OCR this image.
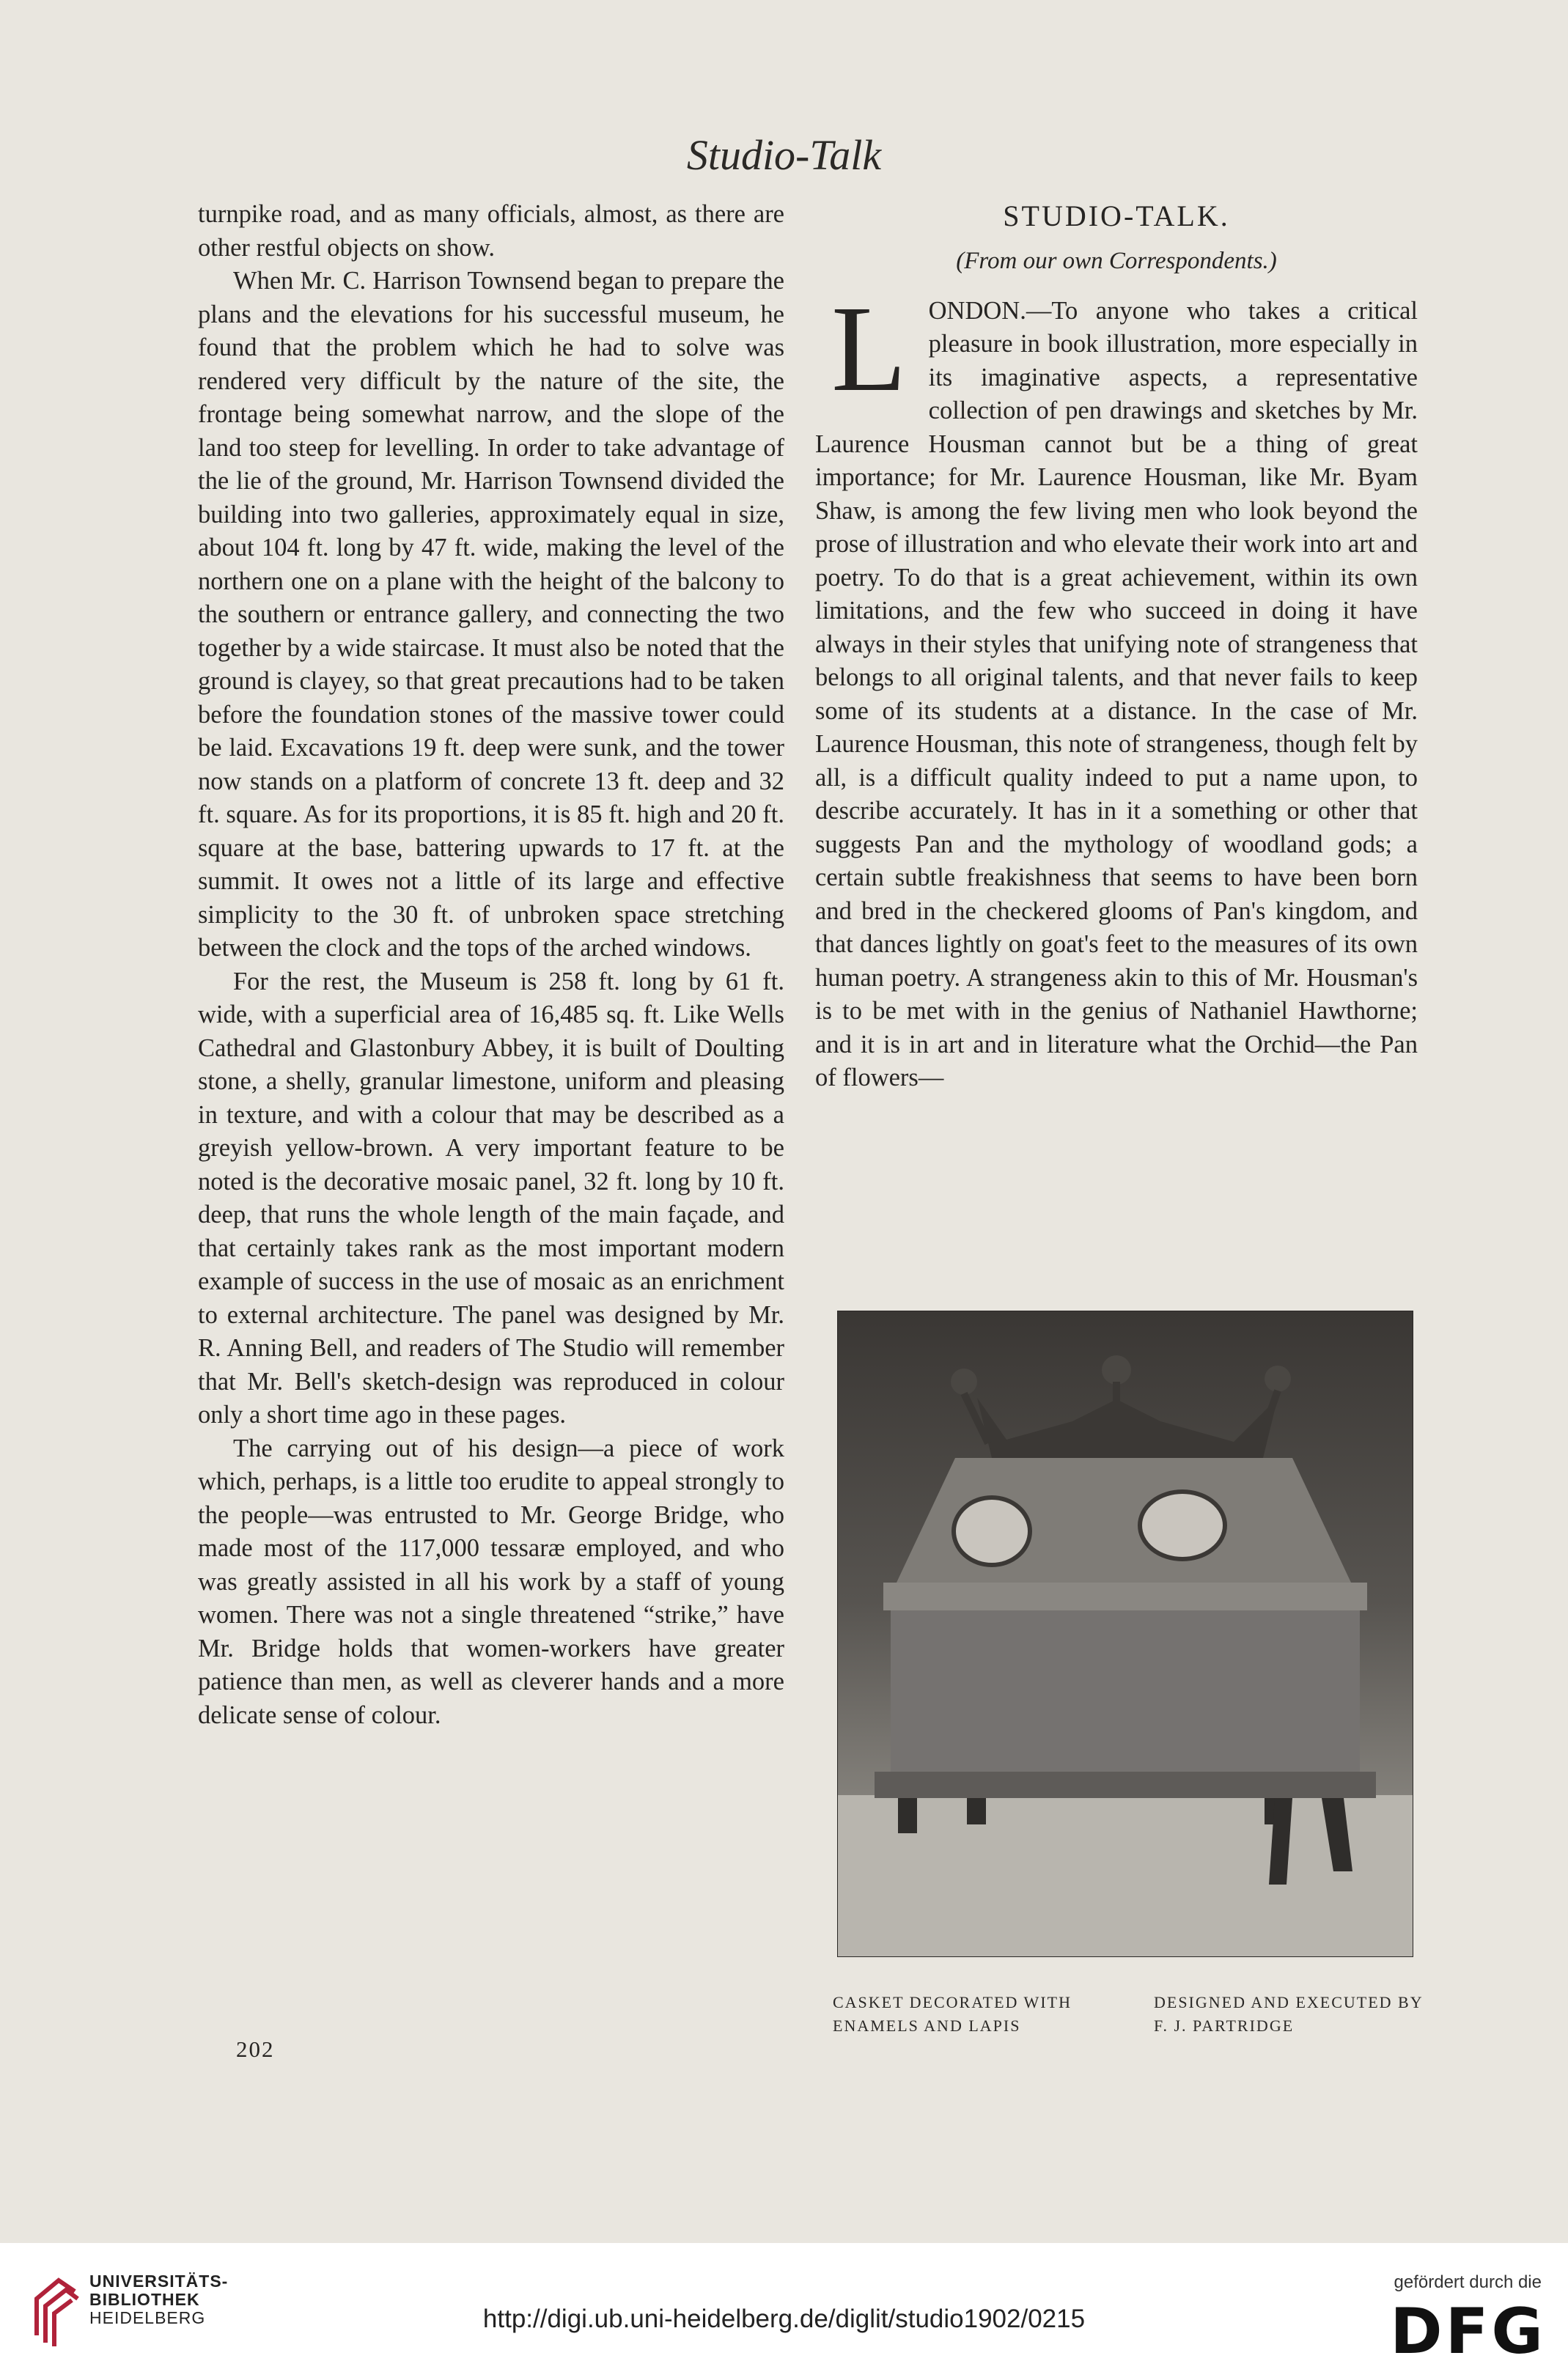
Studio-Talk

turnpike road, and as many officials, almost, as there are other restful objects on show.

When Mr. C. Harrison Townsend began to prepare the plans and the elevations for his successful museum, he found that the problem which he had to solve was rendered very difficult by the nature of the site, the frontage being somewhat narrow, and the slope of the land too steep for levelling. In order to take advantage of the lie of the ground, Mr. Harrison Townsend divided the building into two galleries, approximately equal in size, about 104 ft. long by 47 ft. wide, making the level of the northern one on a plane with the height of the balcony to the southern or entrance gallery, and connecting the two together by a wide staircase. It must also be noted that the ground is clayey, so that great precautions had to be taken before the foundation stones of the massive tower could be laid. Excavations 19 ft. deep were sunk, and the tower now stands on a platform of concrete 13 ft. deep and 32 ft. square. As for its proportions, it is 85 ft. high and 20 ft. square at the base, battering upwards to 17 ft. at the summit. It owes not a little of its large and effective simplicity to the 30 ft. of unbroken space stretching between the clock and the tops of the arched windows.

For the rest, the Museum is 258 ft. long by 61 ft. wide, with a superficial area of 16,485 sq. ft. Like Wells Cathedral and Glastonbury Abbey, it is built of Doulting stone, a shelly, granular limestone, uniform and pleasing in texture, and with a colour that may be described as a greyish yellow-brown. A very important feature to be noted is the decorative mosaic panel, 32 ft. long by 10 ft. deep, that runs the whole length of the main façade, and that certainly takes rank as the most important modern example of success in the use of mosaic as an enrichment to external architecture. The panel was designed by Mr. R. Anning Bell, and readers of The Studio will remember that Mr. Bell's sketch-design was reproduced in colour only a short time ago in these pages.

The carrying out of his design—a piece of work which, perhaps, is a little too erudite to appeal strongly to the people—was entrusted to Mr. George Bridge, who made most of the 117,000 tessaræ employed, and who was greatly assisted in all his work by a staff of young women. There was not a single threatened “strike,” have Mr. Bridge holds that women-workers have greater patience than men, as well as cleverer hands and a more delicate sense of colour.

STUDIO-TALK.
(From our own Correspondents.)
L ONDON.—To anyone who takes a critical pleasure in book illustration, more especially in its imaginative aspects, a representative collection of pen drawings and sketches by Mr. Laurence Housman cannot but be a thing of great importance; for Mr. Laurence Housman, like Mr. Byam Shaw, is among the few living men who look beyond the prose of illustration and who elevate their work into art and poetry. To do that is a great achievement, within its own limitations, and the few who succeed in doing it have always in their styles that unifying note of strangeness that belongs to all original talents, and that never fails to keep some of its students at a distance. In the case of Mr. Laurence Housman, this note of strangeness, though felt by all, is a difficult quality indeed to put a name upon, to describe accurately. It has in it a something or other that suggests Pan and the mythology of woodland gods; a certain subtle freakishness that seems to have been born and bred in the checkered glooms of Pan's kingdom, and that dances lightly on goat's feet to the measures of its own human poetry. A strangeness akin to this of Mr. Housman's is to be met with in the genius of Nathaniel Hawthorne; and it is in art and in literature what the Orchid—the Pan of flowers—

CASKET DECORATED WITH ENAMELS AND LAPIS
DESIGNED AND EXECUTED BY F. J. PARTRIDGE
202
UNIVERSITÄTS-
BIBLIOTHEK
HEIDELBERG	http://digi.ub.uni-heidelberg.de/diglit/studio1902/0215
gefördert durch die
DFG
